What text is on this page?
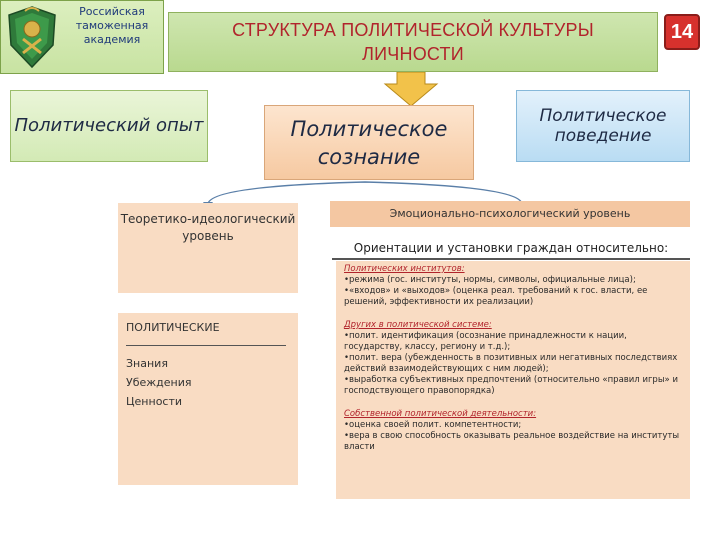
Российская таможенная академия	СТРУКТУРА ПОЛИТИЧЕСКОЙ КУЛЬТУРЫ ЛИЧНОСТИ
14
Политический опыт	Политическое сознание
Политическое поведение
Теоретико-идеологический уровень
ПОЛИТИЧЕСКИЕ
Знания
Убеждения
Ценности
Эмоционально-психологический уровень
Ориентации и установки граждан относительно:
Политических институтов:
•режима (гос. институты, нормы, символы, официальные лица);
•«входов» и «выходов» (оценка реал. требований к гос. власти, ее решений, эффективности их реализации)
Других в политической системе:
•полит. идентификация (осознание принадлежности к нации, государству, классу, региону и т.д.);
•полит. вера (убежденность в позитивных или негативных последствиях действий взаимодействующих с ним людей);
•выработка субъективных предпочтений (относительно «правил игры» и господствующего правопорядка)
Собственной политической деятельности:
•оценка своей полит. компетентности;
•вера в свою способность оказывать реальное воздействие на институты власти
